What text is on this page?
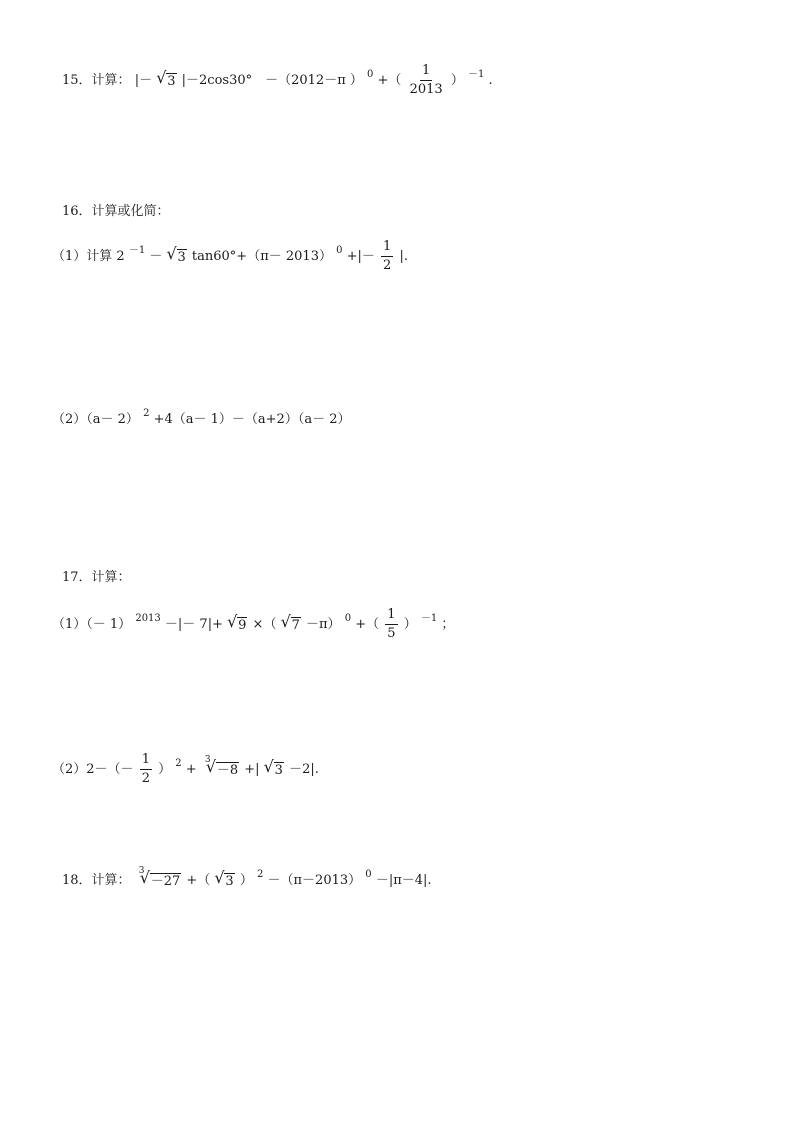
15．计算： |－ √ 3 |－2cos30°　－（2012－π ） 0 +（ $\frac{1}{2013}$ ） －1 .
16．计算或化简：
（1）计算 2 －1 － √ 3 tan60°+（π－ 2013） 0 +|－ $\frac{1}{2}$ |.
（2）（a－ 2） 2 +4（a－ 1）－（a+2）（a－ 2）
17．计算：
（1）（－ 1） 2013 －|－ 7|+ √ 9 ×（ √ 7 －π） 0 +（ $\frac{1}{5}$ ） －1 ；
$(2)2-(- \frac{1}{2}$ ） 2 +
√ 3
－8 +| √ 3 －2|.
18．计算：
√ 3
－27 +（ √ 3 ） 2 －（π－2013） 0 －|π－4|.
